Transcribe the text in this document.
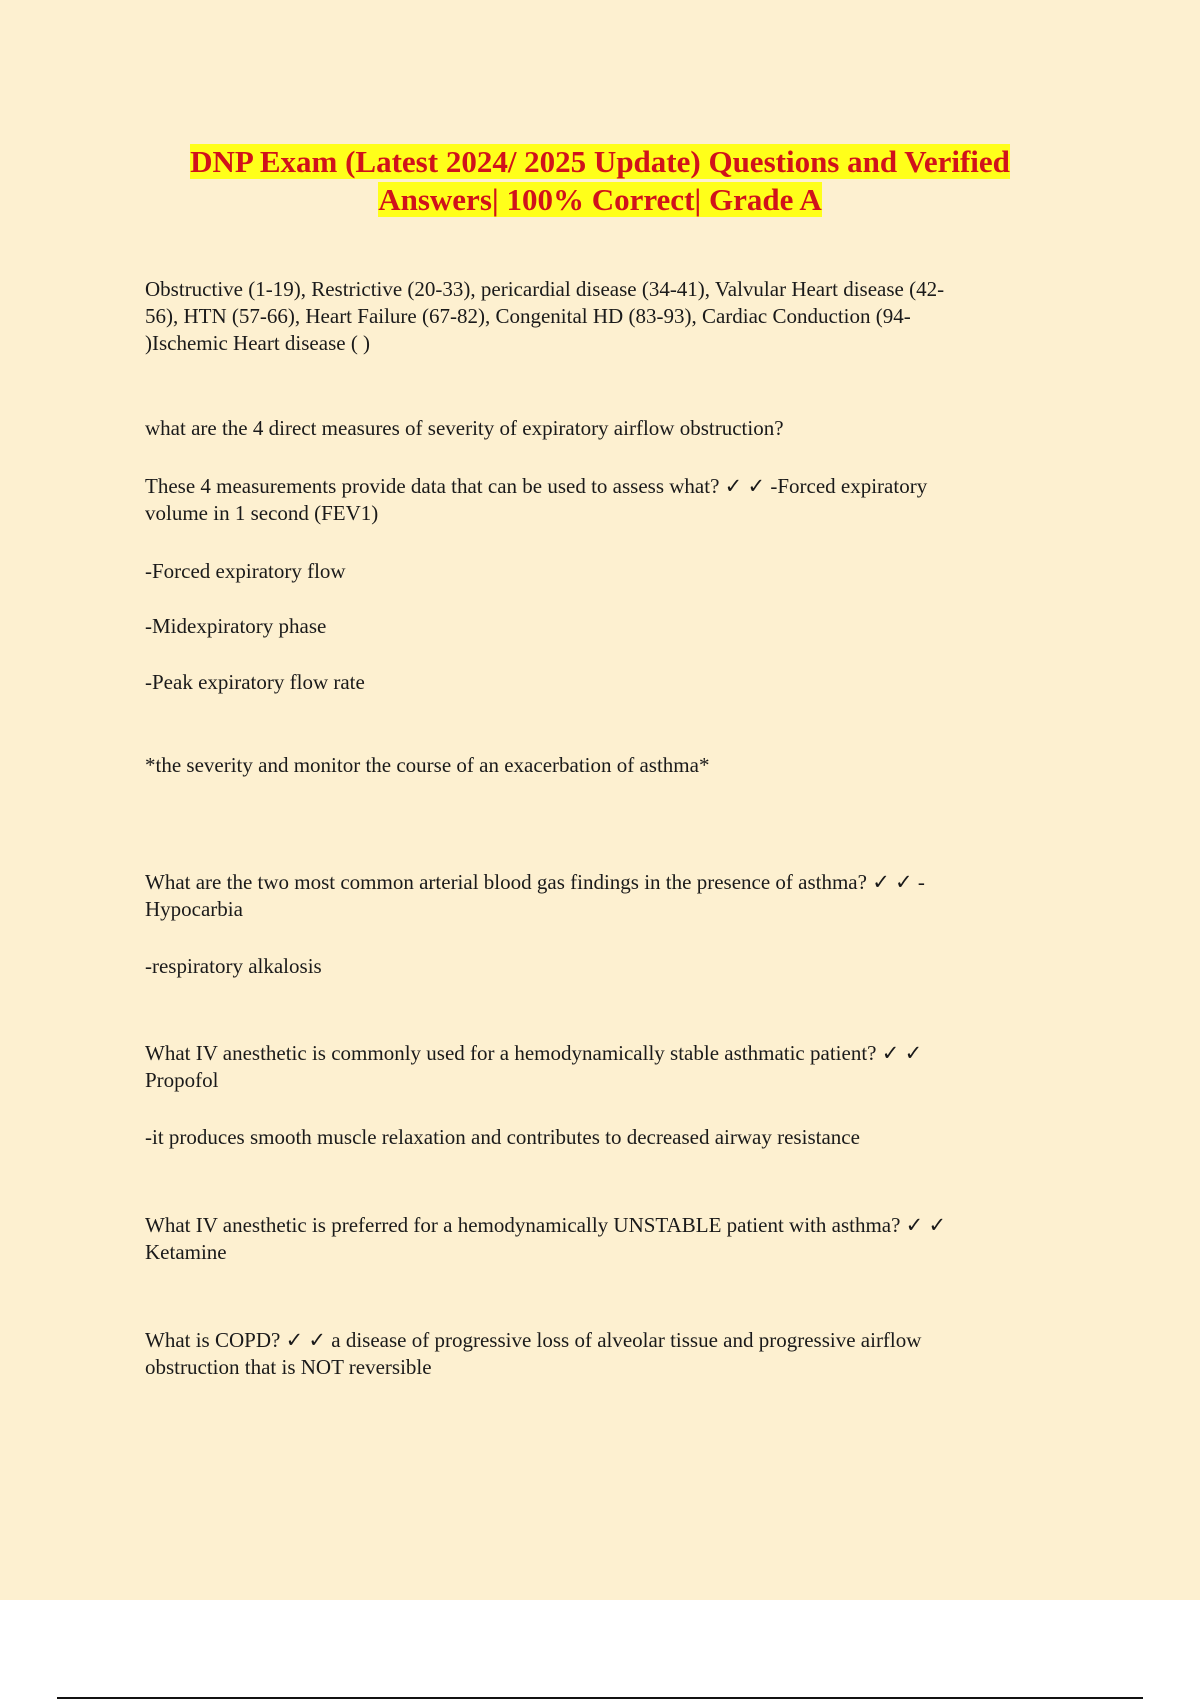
DNP Exam (Latest 2024/ 2025 Update) Questions and Verified
Answers| 100% Correct| Grade A

Obstructive (1-19), Restrictive (20-33), pericardial disease (34-41), Valvular Heart disease (42-
56), HTN (57-66), Heart Failure (67-82), Congenital HD (83-93), Cardiac Conduction (94-
)Ischemic Heart disease ( )

what are the 4 direct measures of severity of expiratory airflow obstruction?

These 4 measurements provide data that can be used to assess what? ✓ ✓ -Forced expiratory
volume in 1 second (FEV1)

-Forced expiratory flow

-Midexpiratory phase

-Peak expiratory flow rate

*the severity and monitor the course of an exacerbation of asthma*

What are the two most common arterial blood gas findings in the presence of asthma? ✓ ✓ -
Hypocarbia

-respiratory alkalosis

What IV anesthetic is commonly used for a hemodynamically stable asthmatic patient? ✓ ✓
Propofol

-it produces smooth muscle relaxation and contributes to decreased airway resistance

What IV anesthetic is preferred for a hemodynamically UNSTABLE patient with asthma? ✓ ✓
Ketamine

What is COPD? ✓ ✓ a disease of progressive loss of alveolar tissue and progressive airflow
obstruction that is NOT reversible
